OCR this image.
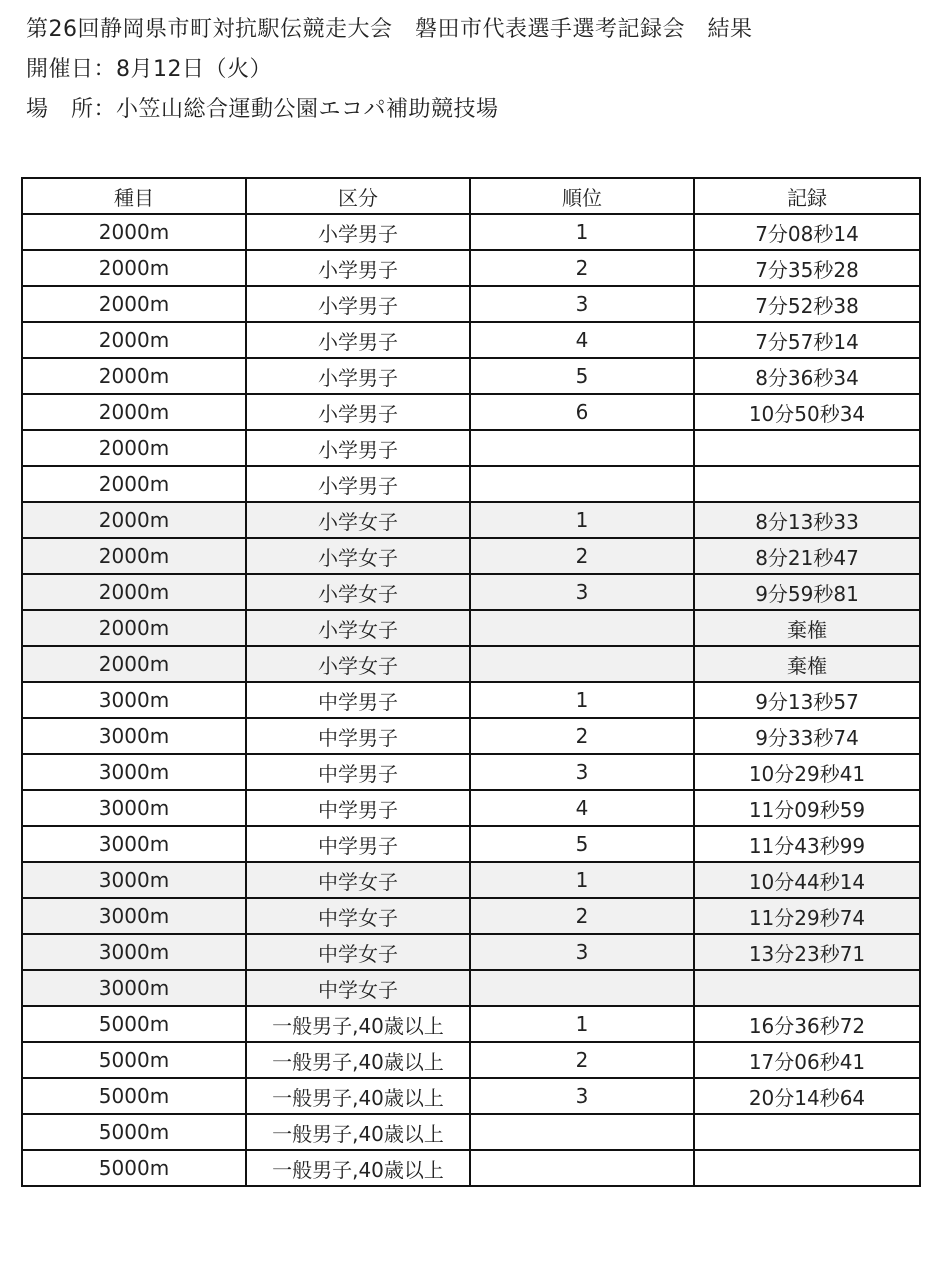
第26回静岡県市町対抗駅伝競走大会　磐田市代表選手選考記録会　結果
開催日：8月12日（火）
場　所：小笠山総合運動公園エコパ補助競技場
種目	区分	順位	記録
2000m	小学男子	1	7分08秒14
2000m	小学男子	2	7分35秒28
2000m	小学男子	3	7分52秒38
2000m	小学男子	4	7分57秒14
2000m	小学男子	5	8分36秒34
2000m	小学男子	6	10分50秒34
2000m	小学男子		
2000m	小学男子		
2000m	小学女子	1	8分13秒33
2000m	小学女子	2	8分21秒47
2000m	小学女子	3	9分59秒81
2000m	小学女子		棄権
2000m	小学女子		棄権
3000m	中学男子	1	9分13秒57
3000m	中学男子	2	9分33秒74
3000m	中学男子	3	10分29秒41
3000m	中学男子	4	11分09秒59
3000m	中学男子	5	11分43秒99
3000m	中学女子	1	10分44秒14
3000m	中学女子	2	11分29秒74
3000m	中学女子	3	13分23秒71
3000m	中学女子		
5000m	一般男子,40歳以上	1	16分36秒72
5000m	一般男子,40歳以上	2	17分06秒41
5000m	一般男子,40歳以上	3	20分14秒64
5000m	一般男子,40歳以上		
5000m	一般男子,40歳以上		
